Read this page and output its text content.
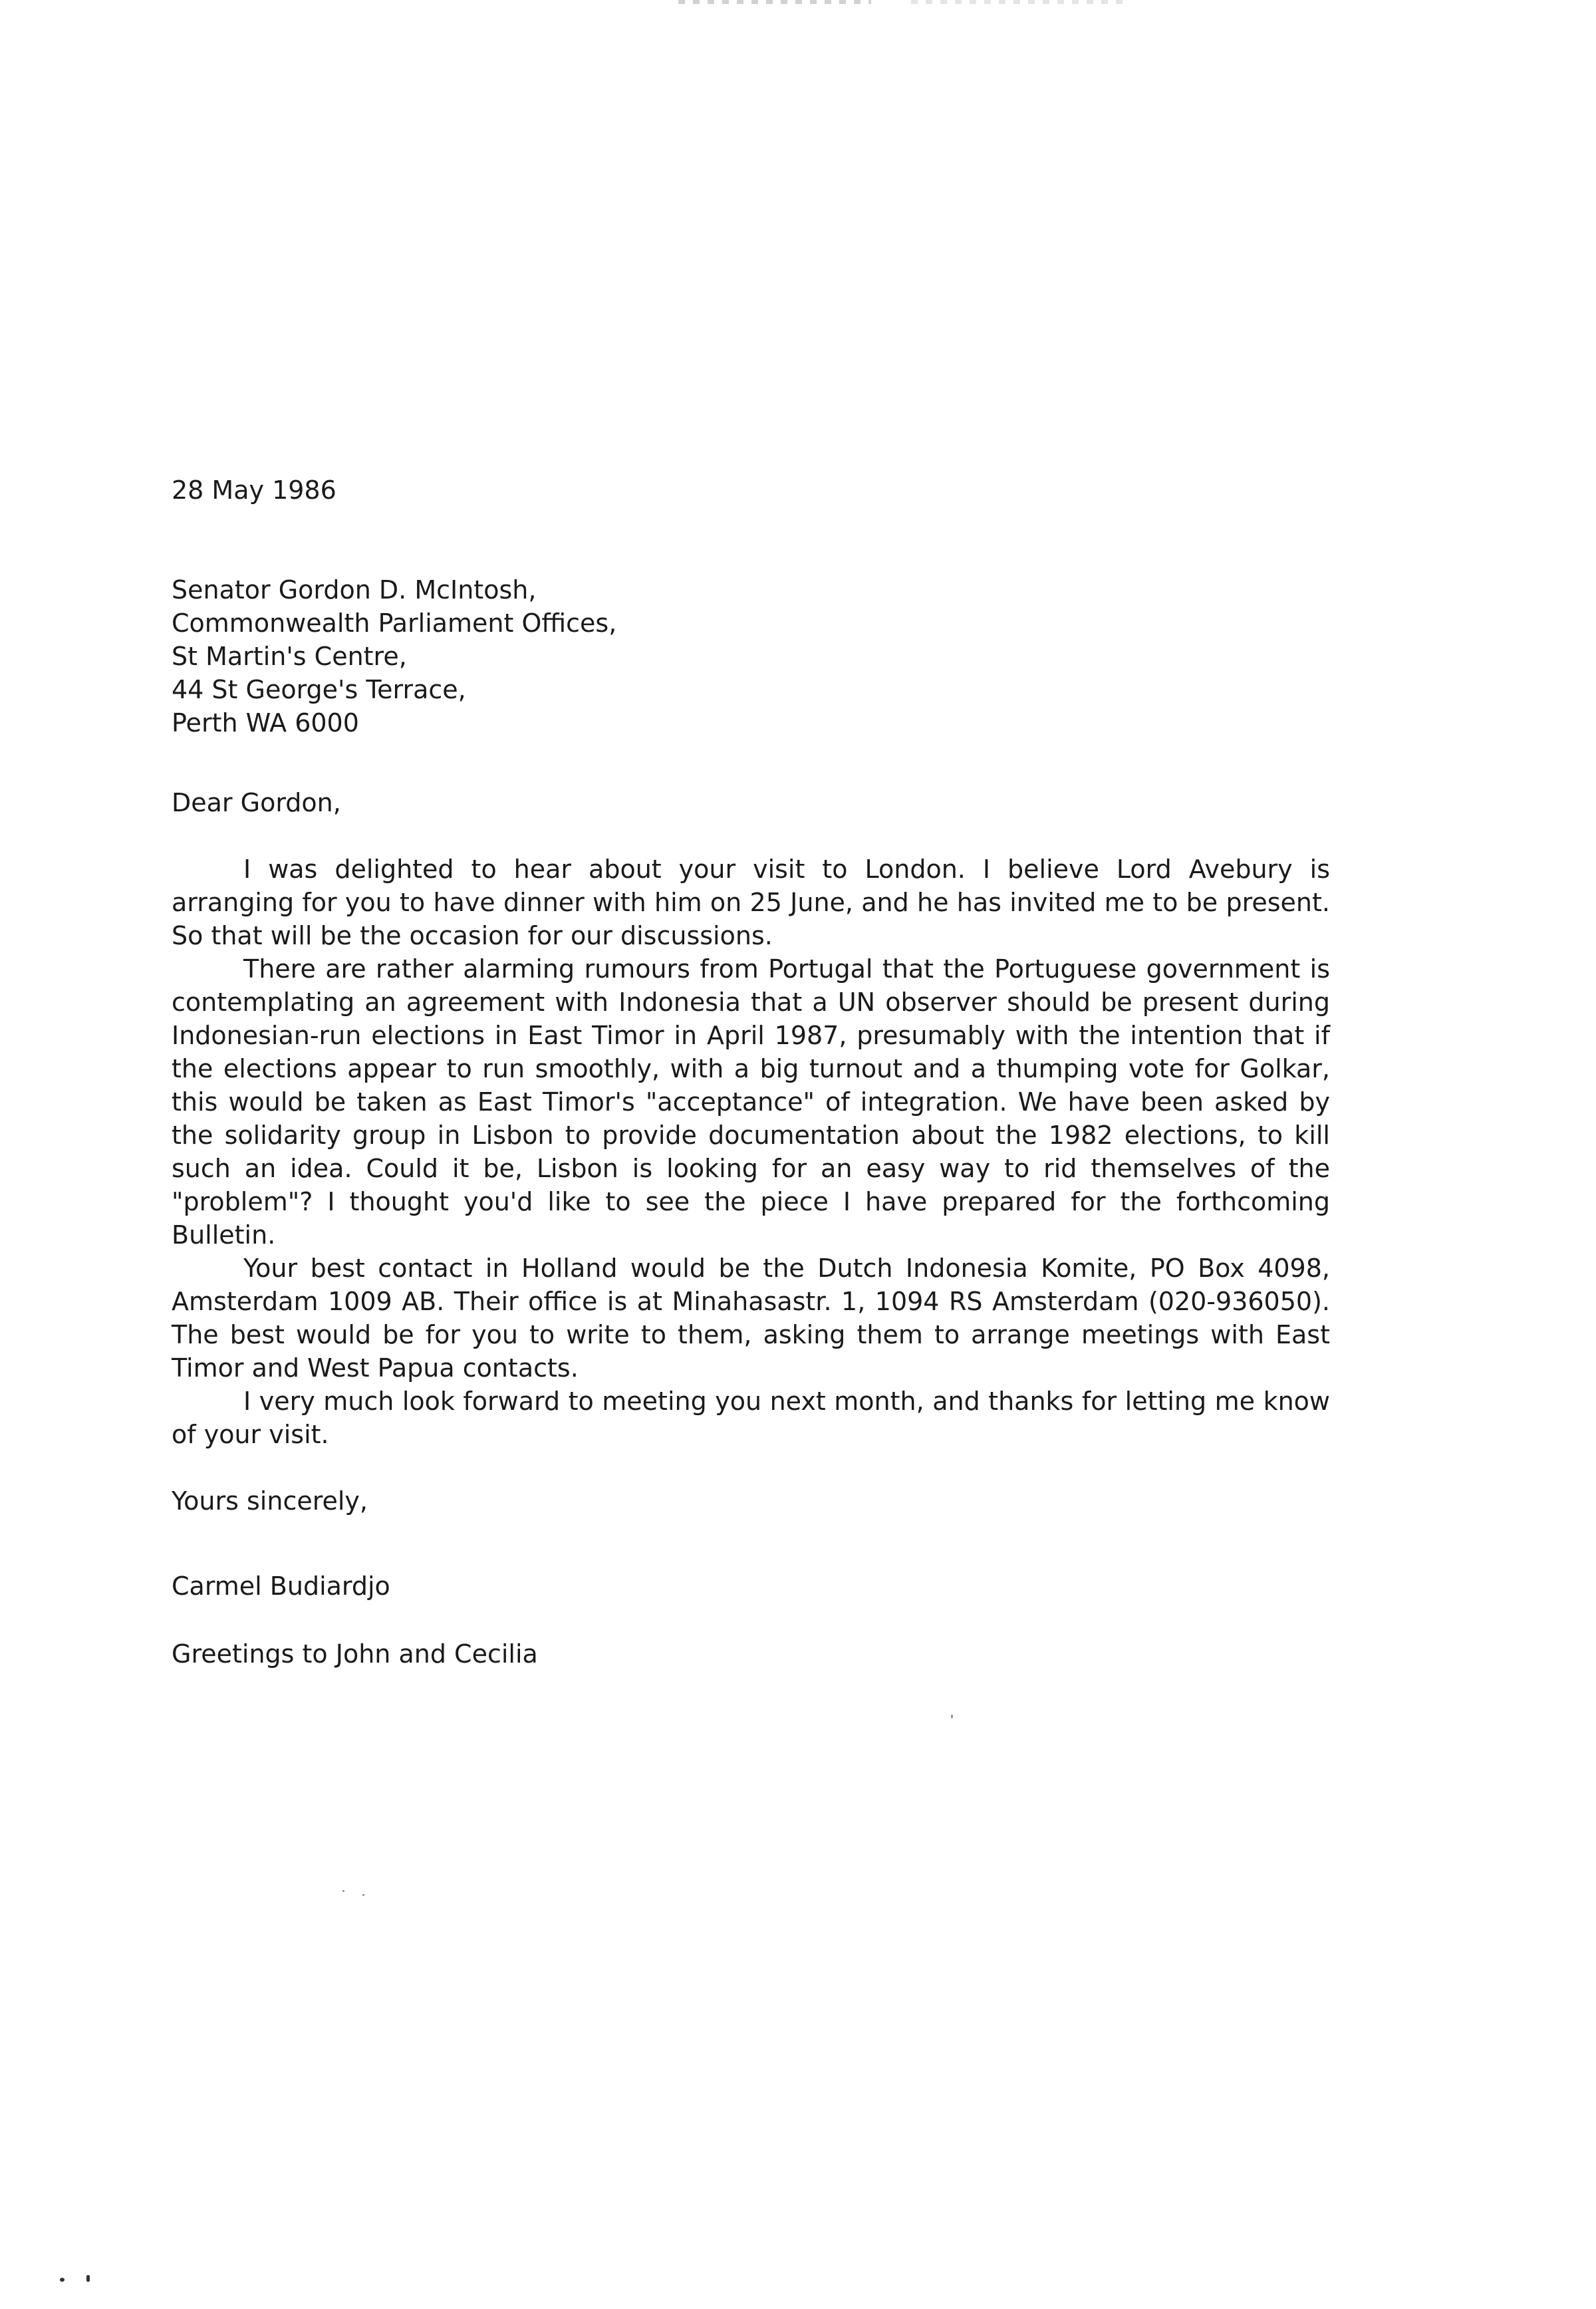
28 May 1986
Senator Gordon D. McIntosh,
Commonwealth Parliament Offices,
St Martin's Centre,
44 St George's Terrace,
Perth WA 6000
Dear Gordon,

I was delighted to hear about your visit to London. I believe Lord Avebury is arranging for you to have dinner with him on 25 June, and he has invited me to be present. So that will be the occasion for our discussions.

There are rather alarming rumours from Portugal that the Portuguese government is contemplating an agreement with Indonesia that a UN observer should be present during Indonesian-run elections in East Timor in April 1987, presumably with the intention that if the elections appear to run smoothly, with a big turnout and a thumping vote for Golkar, this would be taken as East Timor's "acceptance" of integration. We have been asked by the solidarity group in Lisbon to provide documentation about the 1982 elections, to kill such an idea. Could it be, Lisbon is looking for an easy way to rid themselves of the "problem"? I thought you'd like to see the piece I have prepared for the forthcoming Bulletin.

Your best contact in Holland would be the Dutch Indonesia Komite, PO Box 4098, Amsterdam 1009 AB. Their office is at Minahasastr. 1, 1094 RS Amsterdam (020-936050). The best would be for you to write to them, asking them to arrange meetings with East Timor and West Papua contacts.

I very much look forward to meeting you next month, and thanks for letting me know of your visit.

Yours sincerely,
Carmel Budiardjo
Greetings to John and Cecilia
